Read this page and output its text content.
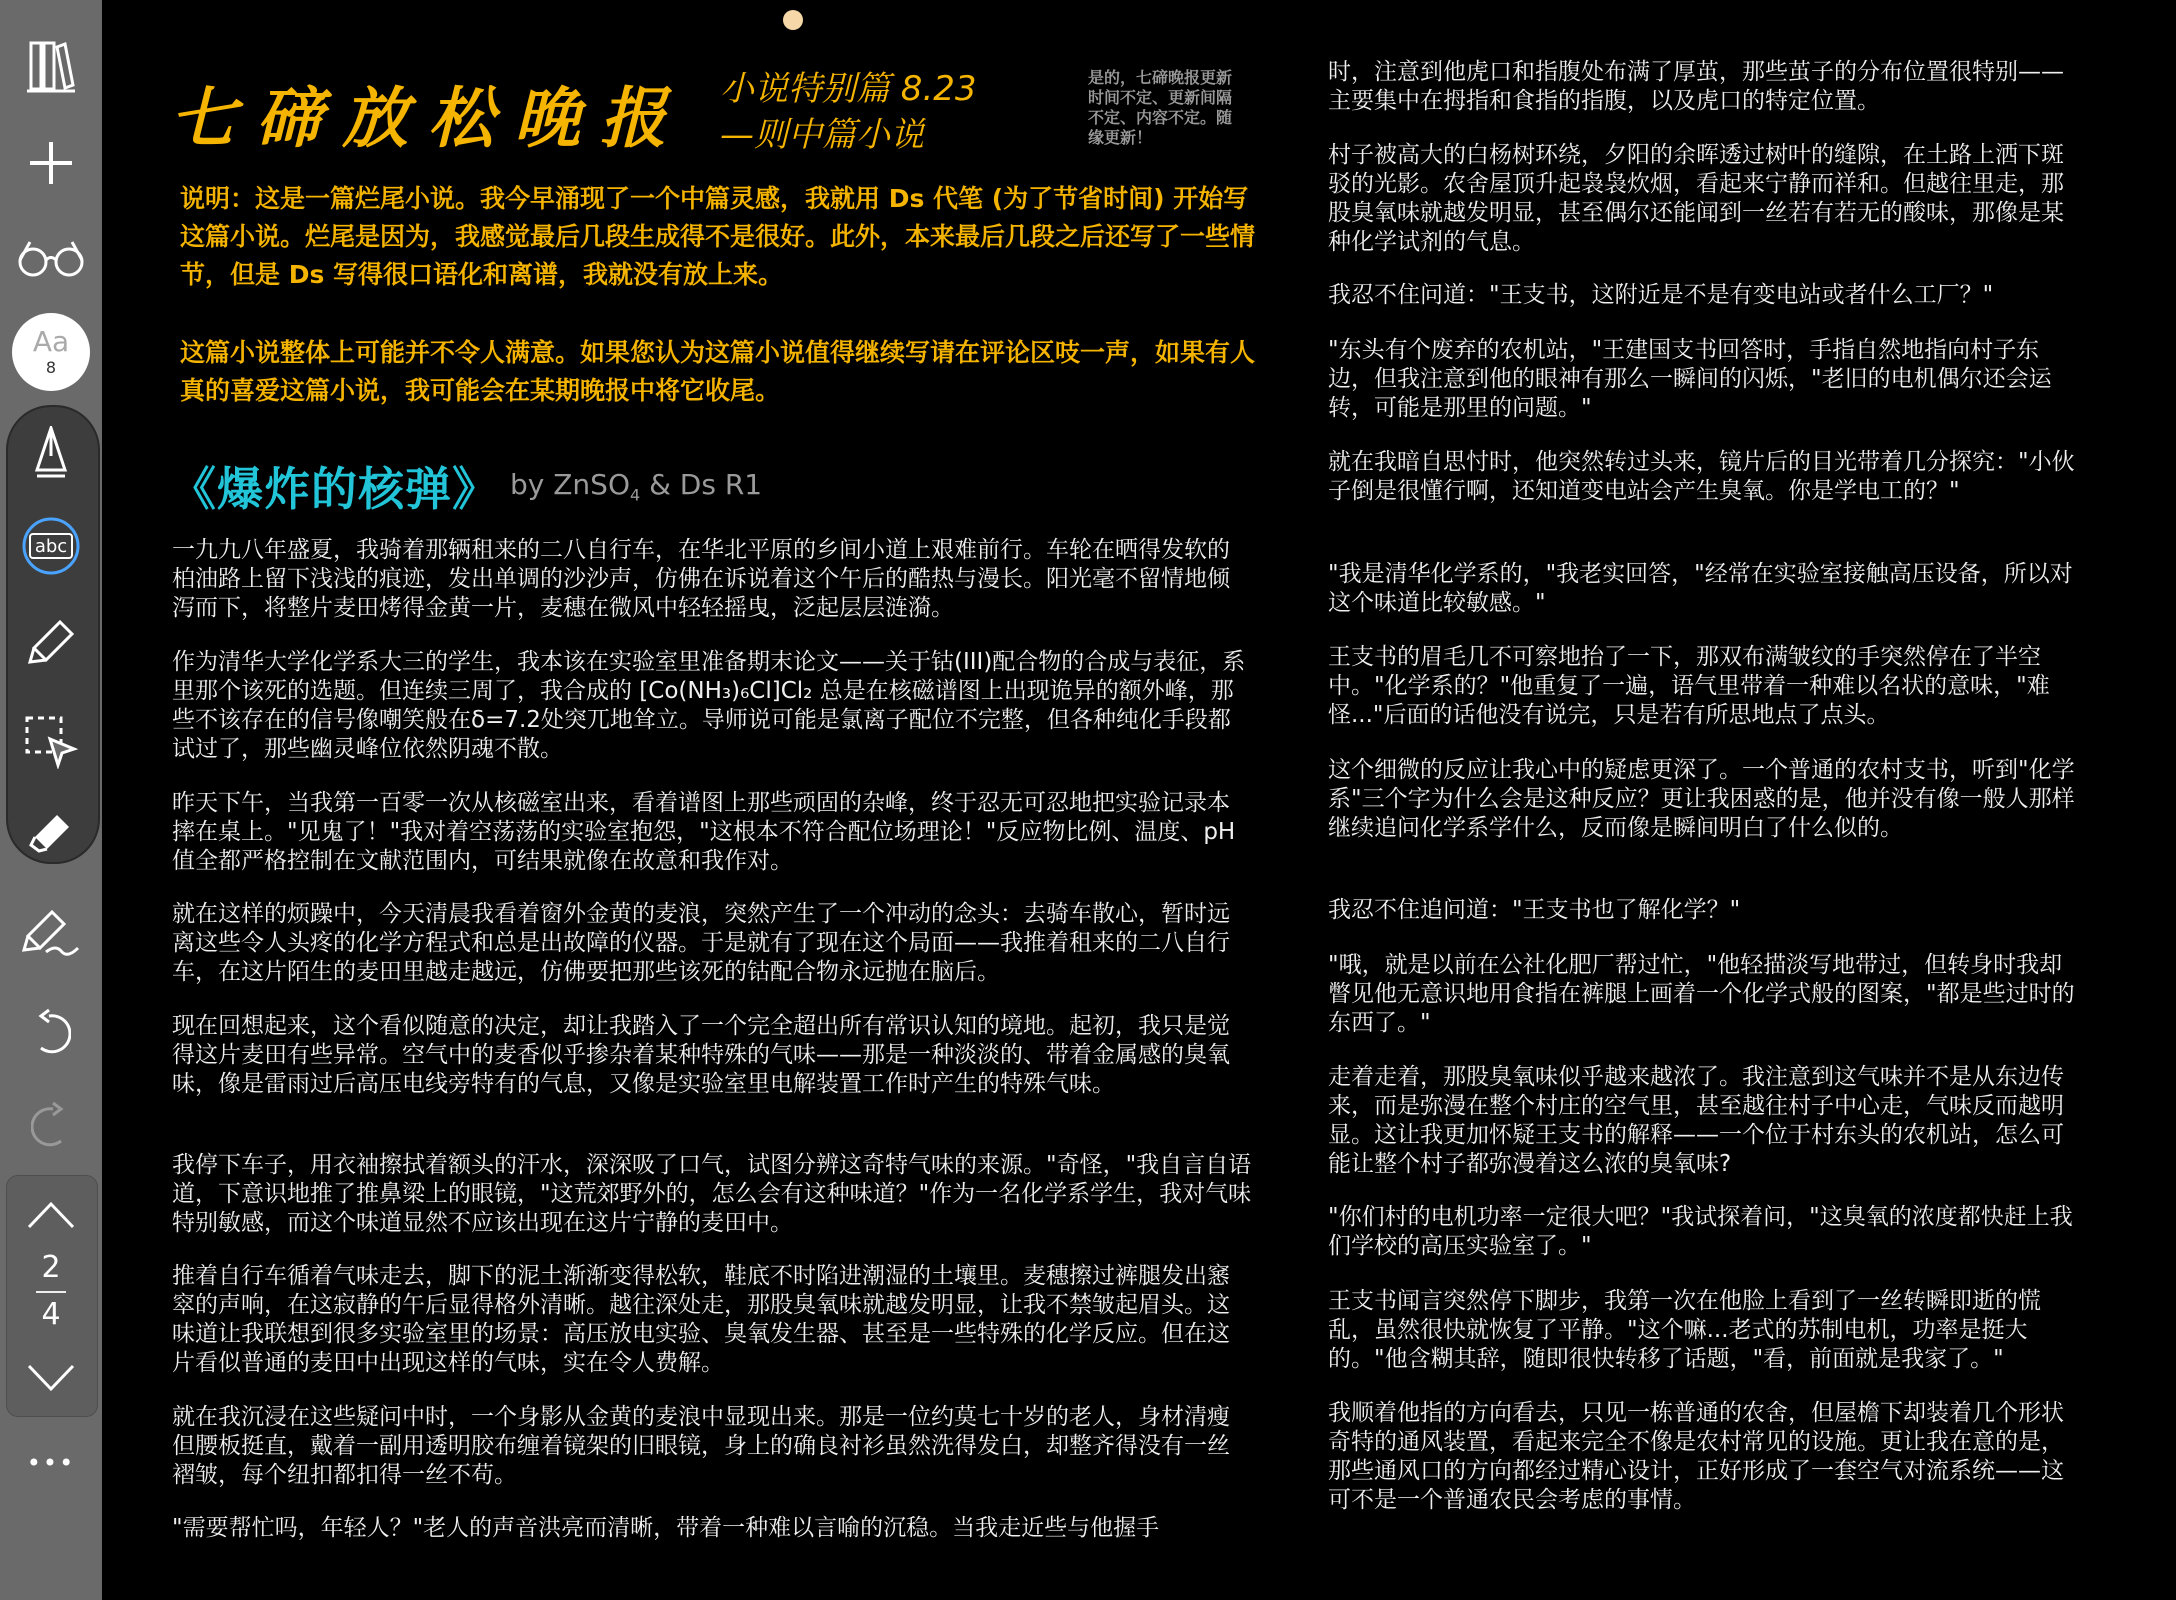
Aa
8
abc
2
4
•••
七碲放松晚报 小说特别篇 8.23
—则中篇小说
是的，七碲晚报更新时间不定、更新间隔不定、内容不定。随缘更新！
说明：这是一篇烂尾小说。我今早涌现了一个中篇灵感，我就用 Ds 代笔 (为了节省时间) 开始写这篇小说。烂尾是因为，我感觉最后几段生成得不是很好。此外，本来最后几段之后还写了一些情节，但是 Ds 写得很口语化和离谱，我就没有放上来。
这篇小说整体上可能并不令人满意。如果您认为这篇小说值得继续写请在评论区吱一声，如果有人真的喜爱这篇小说，我可能会在某期晚报中将它收尾。
《爆炸的核弹》 by ZnSO$_4$ & Ds R1

一九九八年盛夏，我骑着那辆租来的二八自行车，在华北平原的乡间小道上艰难前行。车轮在晒得发软的柏油路上留下浅浅的痕迹，发出单调的沙沙声，仿佛在诉说着这个午后的酷热与漫长。阳光毫不留情地倾泻而下，将整片麦田烤得金黄一片，麦穗在微风中轻轻摇曳，泛起层层涟漪。

作为清华大学化学系大三的学生，我本该在实验室里准备期末论文——关于钴(III)配合物的合成与表征，系里那个该死的选题。但连续三周了，我合成的 [Co(NH₃)₆Cl]Cl₂ 总是在核磁谱图上出现诡异的额外峰，那些不该存在的信号像嘲笑般在δ=7.2处突兀地耸立。导师说可能是氯离子配位不完整，但各种纯化手段都试过了，那些幽灵峰位依然阴魂不散。

昨天下午，当我第一百零一次从核磁室出来，看着谱图上那些顽固的杂峰，终于忍无可忍地把实验记录本摔在桌上。"见鬼了！"我对着空荡荡的实验室抱怨，"这根本不符合配位场理论！"反应物比例、温度、pH值全都严格控制在文献范围内，可结果就像在故意和我作对。

就在这样的烦躁中，今天清晨我看着窗外金黄的麦浪，突然产生了一个冲动的念头：去骑车散心，暂时远离这些令人头疼的化学方程式和总是出故障的仪器。于是就有了现在这个局面——我推着租来的二八自行车，在这片陌生的麦田里越走越远，仿佛要把那些该死的钴配合物永远抛在脑后。

现在回想起来，这个看似随意的决定，却让我踏入了一个完全超出所有常识认知的境地。起初，我只是觉得这片麦田有些异常。空气中的麦香似乎掺杂着某种特殊的气味——那是一种淡淡的、带着金属感的臭氧味，像是雷雨过后高压电线旁特有的气息，又像是实验室里电解装置工作时产生的特殊气味。

我停下车子，用衣袖擦拭着额头的汗水，深深吸了口气，试图分辨这奇特气味的来源。"奇怪，"我自言自语道，下意识地推了推鼻梁上的眼镜，"这荒郊野外的，怎么会有这种味道？"作为一名化学系学生，我对气味特别敏感，而这个味道显然不应该出现在这片宁静的麦田中。

推着自行车循着气味走去，脚下的泥土渐渐变得松软，鞋底不时陷进潮湿的土壤里。麦穗擦过裤腿发出窸窣的声响，在这寂静的午后显得格外清晰。越往深处走，那股臭氧味就越发明显，让我不禁皱起眉头。这味道让我联想到很多实验室里的场景：高压放电实验、臭氧发生器、甚至是一些特殊的化学反应。但在这片看似普通的麦田中出现这样的气味，实在令人费解。

就在我沉浸在这些疑问中时，一个身影从金黄的麦浪中显现出来。那是一位约莫七十岁的老人，身材清瘦但腰板挺直，戴着一副用透明胶布缠着镜架的旧眼镜，身上的确良衬衫虽然洗得发白，却整齐得没有一丝褶皱，每个纽扣都扣得一丝不苟。

"需要帮忙吗，年轻人？"老人的声音洪亮而清晰，带着一种难以言喻的沉稳。当我走近些与他握手

时，注意到他虎口和指腹处布满了厚茧，那些茧子的分布位置很特别——主要集中在拇指和食指的指腹，以及虎口的特定位置。

村子被高大的白杨树环绕，夕阳的余晖透过树叶的缝隙，在土路上洒下斑驳的光影。农舍屋顶升起袅袅炊烟，看起来宁静而祥和。但越往里走，那股臭氧味就越发明显，甚至偶尔还能闻到一丝若有若无的酸味，那像是某种化学试剂的气息。

我忍不住问道："王支书，这附近是不是有变电站或者什么工厂？"

"东头有个废弃的农机站，"王建国支书回答时，手指自然地指向村子东边，但我注意到他的眼神有那么一瞬间的闪烁，"老旧的电机偶尔还会运转，可能是那里的问题。"

就在我暗自思忖时，他突然转过头来，镜片后的目光带着几分探究："小伙子倒是很懂行啊，还知道变电站会产生臭氧。你是学电工的？"

"我是清华化学系的，"我老实回答，"经常在实验室接触高压设备，所以对这个味道比较敏感。"

王支书的眉毛几不可察地抬了一下，那双布满皱纹的手突然停在了半空中。"化学系的？"他重复了一遍，语气里带着一种难以名状的意味，"难怪..."后面的话他没有说完，只是若有所思地点了点头。

这个细微的反应让我心中的疑虑更深了。一个普通的农村支书，听到"化学系"三个字为什么会是这种反应？更让我困惑的是，他并没有像一般人那样继续追问化学系学什么，反而像是瞬间明白了什么似的。

我忍不住追问道："王支书也了解化学？"

"哦，就是以前在公社化肥厂帮过忙，"他轻描淡写地带过，但转身时我却瞥见他无意识地用食指在裤腿上画着一个化学式般的图案，"都是些过时的东西了。"

走着走着，那股臭氧味似乎越来越浓了。我注意到这气味并不是从东边传来，而是弥漫在整个村庄的空气里，甚至越往村子中心走，气味反而越明显。这让我更加怀疑王支书的解释——一个位于村东头的农机站，怎么可能让整个村子都弥漫着这么浓的臭氧味?

"你们村的电机功率一定很大吧？"我试探着问，"这臭氧的浓度都快赶上我们学校的高压实验室了。"

王支书闻言突然停下脚步，我第一次在他脸上看到了一丝转瞬即逝的慌乱，虽然很快就恢复了平静。"这个嘛...老式的苏制电机，功率是挺大的。"他含糊其辞，随即很快转移了话题，"看，前面就是我家了。"

我顺着他指的方向看去，只见一栋普通的农舍，但屋檐下却装着几个形状奇特的通风装置，看起来完全不像是农村常见的设施。更让我在意的是，那些通风口的方向都经过精心设计，正好形成了一套空气对流系统——这可不是一个普通农民会考虑的事情。
